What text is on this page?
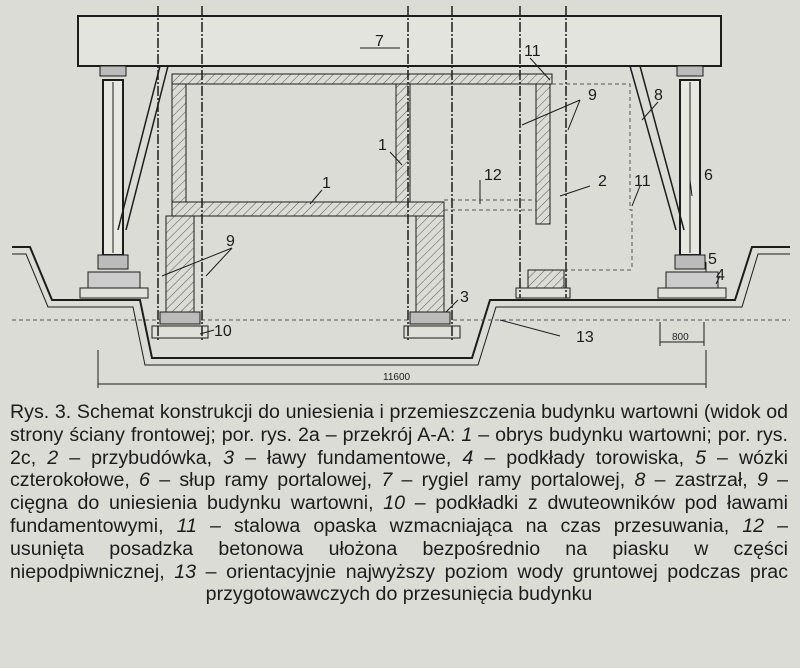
7
11
9	8
1
1	2
12	11	6
9
5
4
3
10	13	800
11600
Rys. 3. Schemat konstrukcji do uniesienia i przemieszczenia budynku wartowni (widok od strony ściany frontowej; por. rys. 2a – przekrój A-A: 1 – obrys budynku wartowni; por. rys. 2c, 2 – przybudówka, 3 – ławy fundamentowe, 4 – podkłady torowiska, 5 – wózki czterokołowe, 6 – słup ramy portalowej, 7 – rygiel ramy portalowej, 8 – zastrzał, 9 – cięgna do uniesienia budynku wartowni, 10 – podkładki z dwuteowników pod ławami fundamentowymi, 11 – stalowa opaska wzmacniająca na czas przesuwania, 12 – usunięta posadzka betonowa ułożona bezpośrednio na piasku w części niepodpiwnicznej, 13 – orientacyjnie najwyższy poziom wody gruntowej podczas prac przygotowawczych do przesunięcia budynku
